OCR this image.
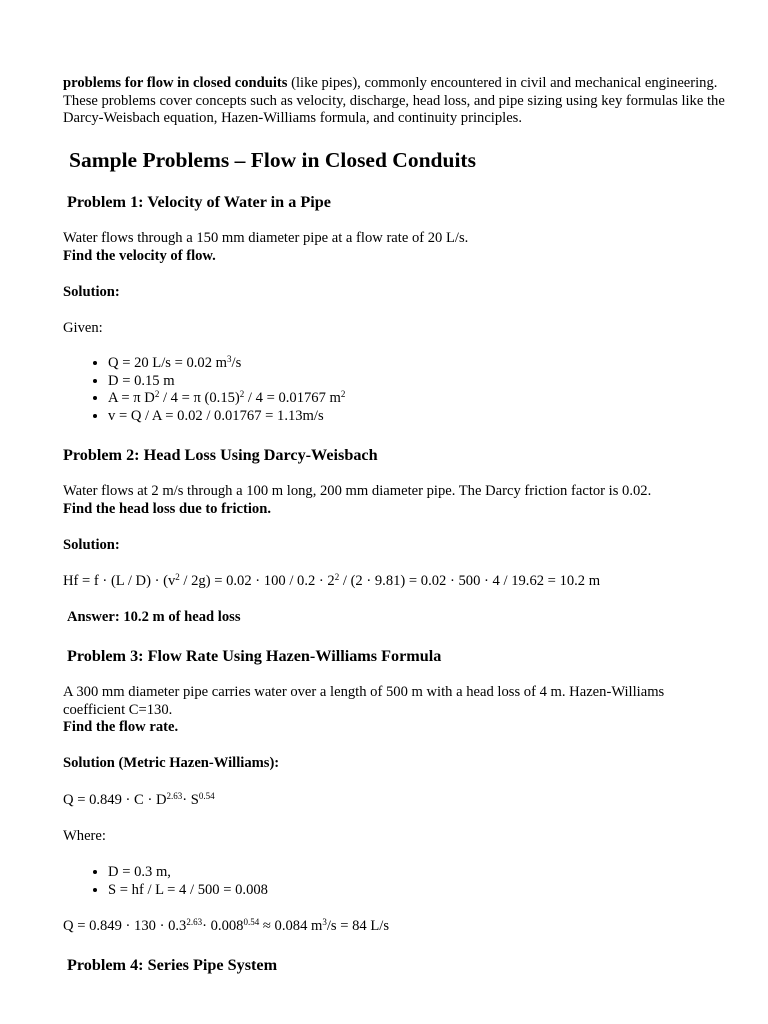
problems for flow in closed conduits (like pipes), commonly encountered in civil and mechanical engineering. These problems cover concepts such as velocity, discharge, head loss, and pipe sizing using key formulas like the Darcy-Weisbach equation, Hazen-Williams formula, and continuity principles.
Sample Problems – Flow in Closed Conduits
Problem 1: Velocity of Water in a Pipe
Water flows through a 150 mm diameter pipe at a flow rate of 20 L/s.
Find the velocity of flow.
Solution:
Given:
• Q = 20 L/s = 0.02 $m^3/s$
• D = 0.15 m
• A = π $D^2 / 4 = \pi$ $(0.15)^2 / 4 = 0.01767$ $m^2$
• v = Q / A = 0.02 / 0.01767 = 1.13m/s
Problem 2: Head Loss Using Darcy-Weisbach
Water flows at 2 m/s through a 100 m long, 200 mm diameter pipe. The Darcy friction factor is 0.02.
Find the head loss due to friction.
Solution:
$Hf = f \cdot (L / D) \cdot (v^2 / 2g) = 0.02 \cdot 100 / 0.2 \cdot 2^2 / (2 \cdot 9.81) = 0.02 \cdot 500 \cdot 4 / 19.62 = 10.2$ m
Answer: 10.2 m of head loss
Problem 3: Flow Rate Using Hazen-Williams Formula
A 300 mm diameter pipe carries water over a length of 500 m with a head loss of 4 m. Hazen-Williams coefficient C=130.
Find the flow rate.
Solution (Metric Hazen-Williams):
$Q = 0.849 \cdot C \cdot D^{2.63}\cdot S^{0.54}$
Where:
• D = 0.3 m,
• S = hf / L = 4 / 500 = 0.008
$Q = 0.849 \cdot 130 \cdot 0.3^{2.63}\cdot 0.008^{0.54} \approx 0.084$ $m^3/s = 84$ L/s
Problem 4: Series Pipe System
